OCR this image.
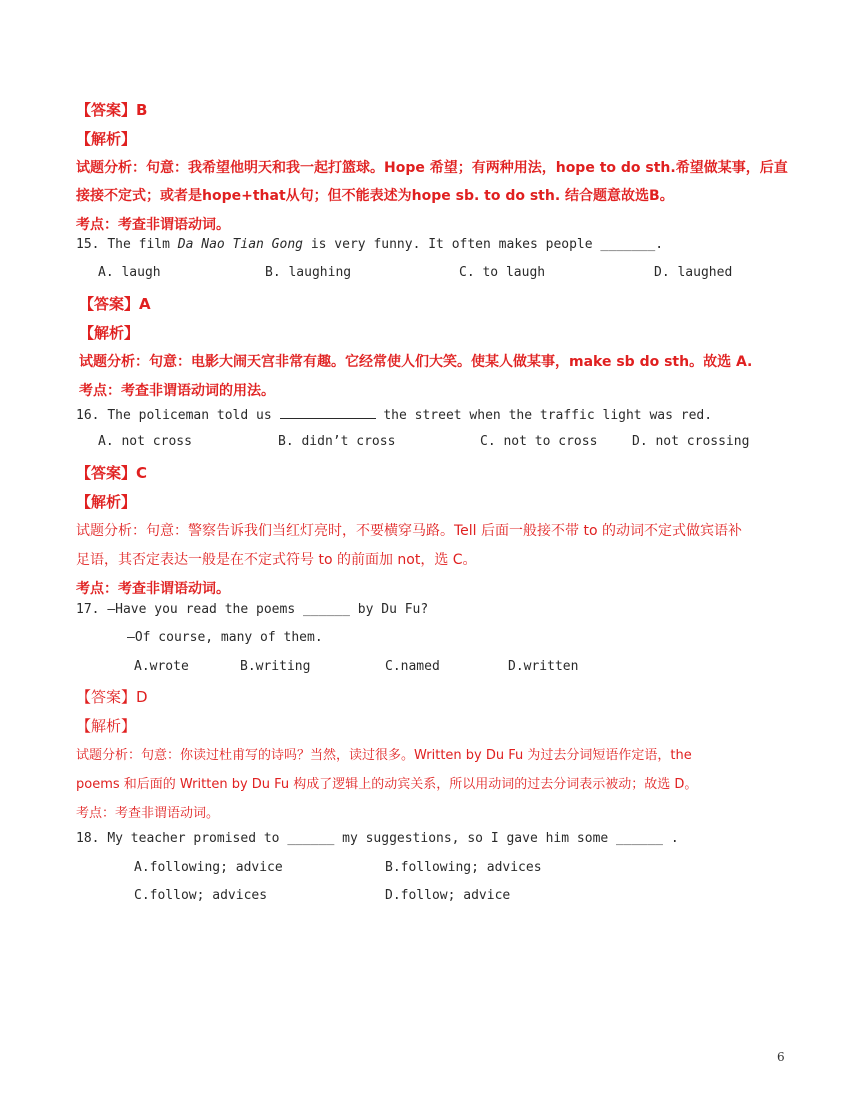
【答案】B
【解析】
试题分析：句意：我希望他明天和我一起打篮球。Hope 希望；有两种用法，hope to do sth.希望做某事，后直
接接不定式；或者是hope+that从句；但不能表述为hope sb. to do sth. 结合题意故选B。
考点：考查非谓语动词。
15. The film Da Nao Tian Gong is very funny. It often makes people _______.
A. laugh	B. laughing	C. to laugh	D. laughed
【答案】A
【解析】
试题分析：句意：电影大闹天宫非常有趣。它经常使人们大笑。使某人做某事，make sb do sth。故选 A.
考点：考查非谓语动词的用法。
16. The policeman told us	the street when the traffic light was red.
A. not cross	B. didn’t cross	C. not to cross	D. not crossing
【答案】C
【解析】
试题分析：句意：警察告诉我们当红灯亮时，不要横穿马路。Tell 后面一般接不带 to 的动词不定式做宾语补
足语，其否定表达一般是在不定式符号 to 的前面加 not，选 C。
考点：考查非谓语动词。
17. —Have you read the poems ______ by Du Fu?
—Of course, many of them.
A.wrote	B.writing	C.named	D.written
【答案】D
【解析】
试题分析：句意：你读过杜甫写的诗吗？当然，读过很多。Written by Du Fu 为过去分词短语作定语，the
poems 和后面的 Written by Du Fu 构成了逻辑上的动宾关系，所以用动词的过去分词表示被动；故选 D。
考点：考查非谓语动词。
18. My teacher promised to ______ my suggestions, so I gave him some ______ .
A.following; advice	B.following; advices
C.follow; advices	D.follow; advice
6
